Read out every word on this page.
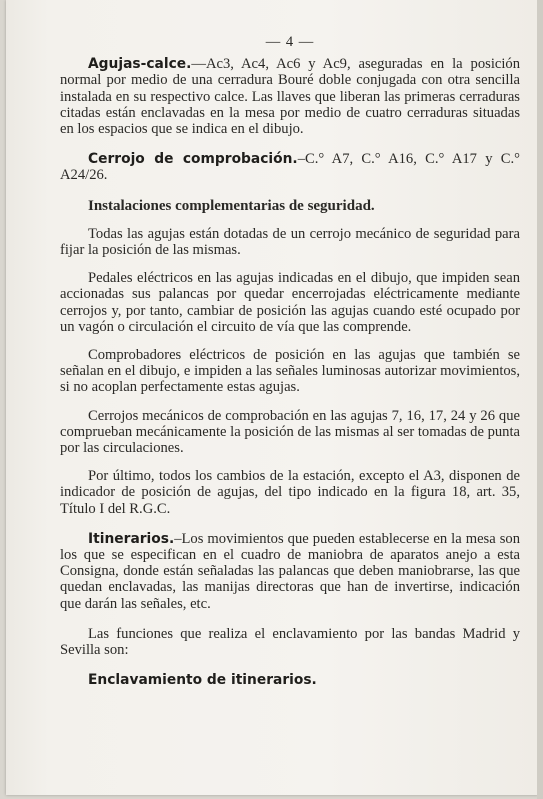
— 4 —

Agujas-calce.—Ac3, Ac4, Ac6 y Ac9, aseguradas en la posición normal por medio de una cerradura Bouré doble conjugada con otra sencilla instalada en su respectivo calce. Las llaves que liberan las primeras cerraduras citadas están enclavadas en la mesa por medio de cuatro cerraduras situadas en los espacios que se indica en el dibujo.

Cerrojo de comprobación.–C.° A7, C.° A16, C.° A17 y C.° A24/26.

Instalaciones complementarias de seguridad.

Todas las agujas están dotadas de un cerrojo mecánico de seguridad para fijar la posición de las mismas.

Pedales eléctricos en las agujas indicadas en el dibujo, que impiden sean accionadas sus palancas por quedar encerrojadas eléctricamente mediante cerrojos y, por tanto, cambiar de posición las agujas cuando esté ocupado por un vagón o circulación el circuito de vía que las comprende.

Comprobadores eléctricos de posición en las agujas que también se señalan en el dibujo, e impiden a las señales luminosas autorizar movimientos, si no acoplan perfectamente estas agujas.

Cerrojos mecánicos de comprobación en las agujas 7, 16, 17, 24 y 26 que comprueban mecánicamente la posición de las mismas al ser tomadas de punta por las circulaciones.

Por último, todos los cambios de la estación, excepto el A3, disponen de indicador de posición de agujas, del tipo indicado en la figura 18, art. 35, Título I del R.G.C.

Itinerarios.–Los movimientos que pueden establecerse en la mesa son los que se especifican en el cuadro de maniobra de aparatos anejo a esta Consigna, donde están señaladas las palancas que deben maniobrarse, las que quedan enclavadas, las manijas directoras que han de invertirse, indicación que darán las señales, etc.

Las funciones que realiza el enclavamiento por las bandas Madrid y Sevilla son:

Enclavamiento de itinerarios.
